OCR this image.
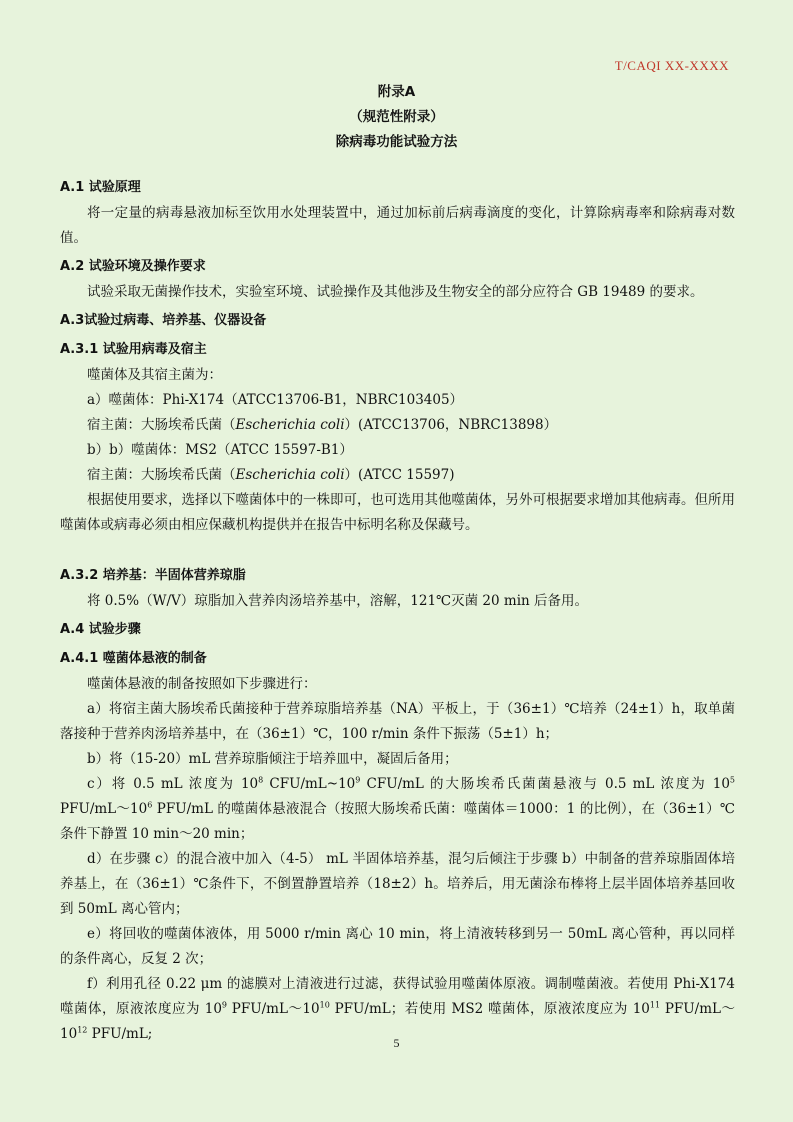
T/CAQI XX-XXXX
附录A
（规范性附录）
除病毒功能试验方法
A.1 试验原理
将一定量的病毒悬液加标至饮用水处理装置中，通过加标前后病毒滴度的变化，计算除病毒率和除病毒对数值。
A.2 试验环境及操作要求
试验采取无菌操作技术，实验室环境、试验操作及其他涉及生物安全的部分应符合 GB 19489 的要求。
A.3试验过病毒、培养基、仪器设备
A.3.1 试验用病毒及宿主
噬菌体及其宿主菌为：
a）噬菌体：Phi-X174（ATCC13706-B1，NBRC103405）
宿主菌：大肠埃希氏菌（Escherichia coli）(ATCC13706，NBRC13898）
b）b）噬菌体：MS2（ATCC 15597-B1）
宿主菌：大肠埃希氏菌（Escherichia coli）(ATCC 15597)
根据使用要求，选择以下噬菌体中的一株即可，也可选用其他噬菌体，另外可根据要求增加其他病毒。但所用噬菌体或病毒必须由相应保藏机构提供并在报告中标明名称及保藏号。
A.3.2 培养基：半固体营养琼脂
将 0.5%（W/V）琼脂加入营养肉汤培养基中，溶解，121℃灭菌 20 min 后备用。
A.4 试验步骤
A.4.1 噬菌体悬液的制备
噬菌体悬液的制备按照如下步骤进行：
a）将宿主菌大肠埃希氏菌接种于营养琼脂培养基（NA）平板上，于（36±1）℃培养（24±1）h，取单菌落接种于营养肉汤培养基中，在（36±1）℃，100 r/min 条件下振荡（5±1）h；
b）将（15-20）mL 营养琼脂倾注于培养皿中，凝固后备用；
c）将 0.5 mL 浓度为 $10^8$ CFU/$mL\sim 10^9$ CFU/mL 的大肠埃希氏菌菌悬液与 0.5 mL 浓度为 $10^5$ PFU/$mL\sim 10^6$ PFU/mL 的噬菌体悬液混合（按照大肠埃希氏菌：噬菌体＝1000：1 的比例），在（36±1）℃条件下静置 10 min～20 min；
d）在步骤 c）的混合液中加入（4-5） mL 半固体培养基，混匀后倾注于步骤 b）中制备的营养琼脂固体培养基上，在（36±1）℃条件下，不倒置静置培养（18±2）h。培养后，用无菌涂布棒将上层半固体培养基回收到 50mL 离心管内；
e）将回收的噬菌体液体，用 5000 r/min 离心 10 min，将上清液转移到另一 50mL 离心管种，再以同样的条件离心，反复 2 次；
f）利用孔径 0.22 μm 的滤膜对上清液进行过滤，获得试验用噬菌体原液。调制噬菌液。若使用 Phi-X174 噬菌体，原液浓度应为 $10^9$ PFU/$mL\sim 10^{10}$ PFU/mL；若使用 MS2 噬菌体，原液浓度应为 $10^{11}$ PFU/$mL\sim 10^{12}$ PFU/mL;
5
